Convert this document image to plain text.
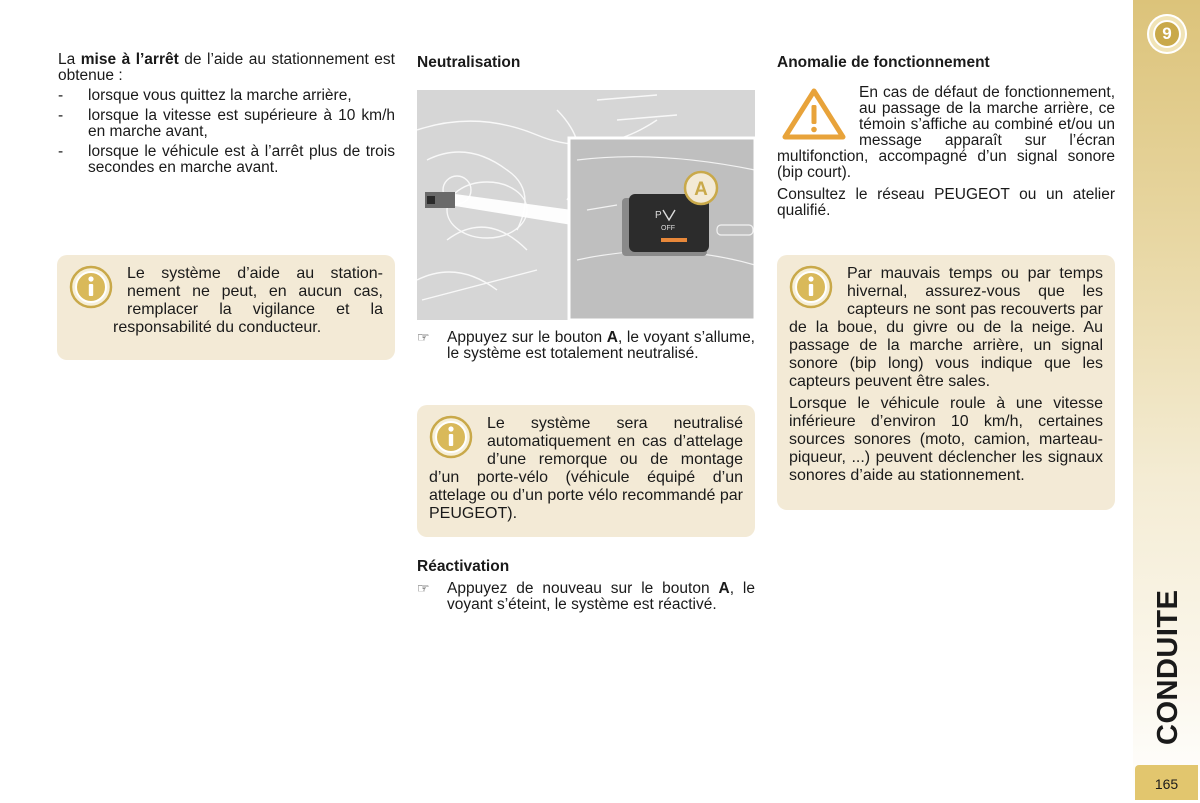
La mise à l’arrêt de l’aide au stationnement est obtenue :

- lorsque vous quittez la marche arrière,
- lorsque la vitesse est supérieure à 10 km/h en marche avant,
- lorsque le véhicule est à l’arrêt plus de trois secondes en marche avant.
Le système d’aide au stationnement ne peut, en aucun cas, remplacer la vigilance et la responsabilité du conducteur.
Neutralisation
P
OFF
A
☞ Appuyez sur le bouton A, le voyant s’allume, le système est totalement neutralisé.
Le système sera neutralisé automatiquement en cas d’attelage d’une remorque ou de montage d’un porte-vélo (véhicule équipé d’un attelage ou d’un porte vélo recommandé par PEUGEOT).
Réactivation
☞ Appuyez de nouveau sur le bouton A, le voyant s’éteint, le système est réactivé.
Anomalie de fonctionnement

En cas de défaut de fonctionnement, au passage de la marche arrière, ce témoin s’affiche au combiné et/ou un message apparaît sur l’écran multifonction, accompagné d’un signal sonore (bip court).

Consultez le réseau PEUGEOT ou un atelier qualifié.

Par mauvais temps ou par temps hivernal, assurez-vous que les capteurs ne sont pas recouverts par de la boue, du givre ou de la neige. Au passage de la marche arrière, un signal sonore (bip long) vous indique que les capteurs peuvent être sales.

Lorsque le véhicule roule à une vitesse inférieure d’environ 10 km/h, certaines sources sonores (moto, camion, marteau-piqueur, ...) peuvent déclencher les signaux sonores d’aide au stationnement.

9
CONDUITE
165
